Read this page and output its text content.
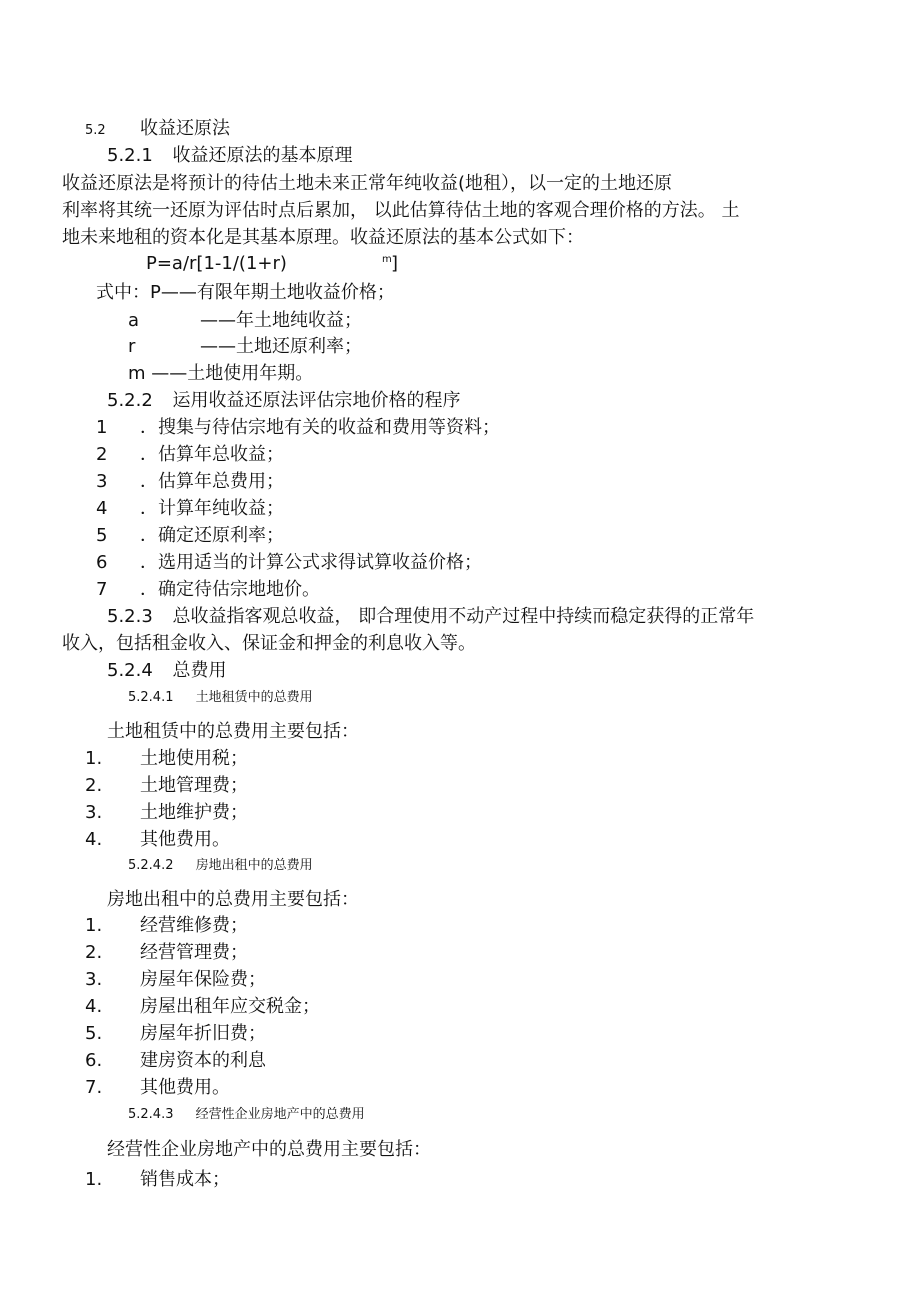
5.2 收益还原法
5.2.1 收益还原法的基本原理
收益还原法是将预计的待估土地未来正常年纯收益(地租），以一定的土地还原
利率将其统一还原为评估时点后累加， 以此估算待估土地的客观合理价格的方法。 土
地未来地租的资本化是其基本原理。收益还原法的基本公式如下：
P=a/r[1-1/(1+r)	m ]
式中：P——有限年期土地收益价格；
a	——年土地纯收益；
r	——土地还原利率；
m ——土地使用年期。
5.2.2 运用收益还原法评估宗地价格的程序
1 ．搜集与待估宗地有关的收益和费用等资料；
2 ．估算年总收益；
3 ．估算年总费用；
4 ．计算年纯收益；
5 ．确定还原利率；
6 ．选用适当的计算公式求得试算收益价格；
7 ．确定待估宗地地价。
5.2.3 总收益指客观总收益， 即合理使用不动产过程中持续而稳定获得的正常年
收入，包括租金收入、保证金和押金的利息收入等。
5.2.4 总费用
5.2.4.1 土地租赁中的总费用
土地租赁中的总费用主要包括：
1. 土地使用税；
2. 土地管理费；
3. 土地维护费；
4. 其他费用。
5.2.4.2 房地出租中的总费用
房地出租中的总费用主要包括：
1. 经营维修费；
2. 经营管理费；
3. 房屋年保险费；
4. 房屋出租年应交税金；
5. 房屋年折旧费；
6. 建房资本的利息
7. 其他费用。
5.2.4.3 经营性企业房地产中的总费用
经营性企业房地产中的总费用主要包括：
1. 销售成本；
